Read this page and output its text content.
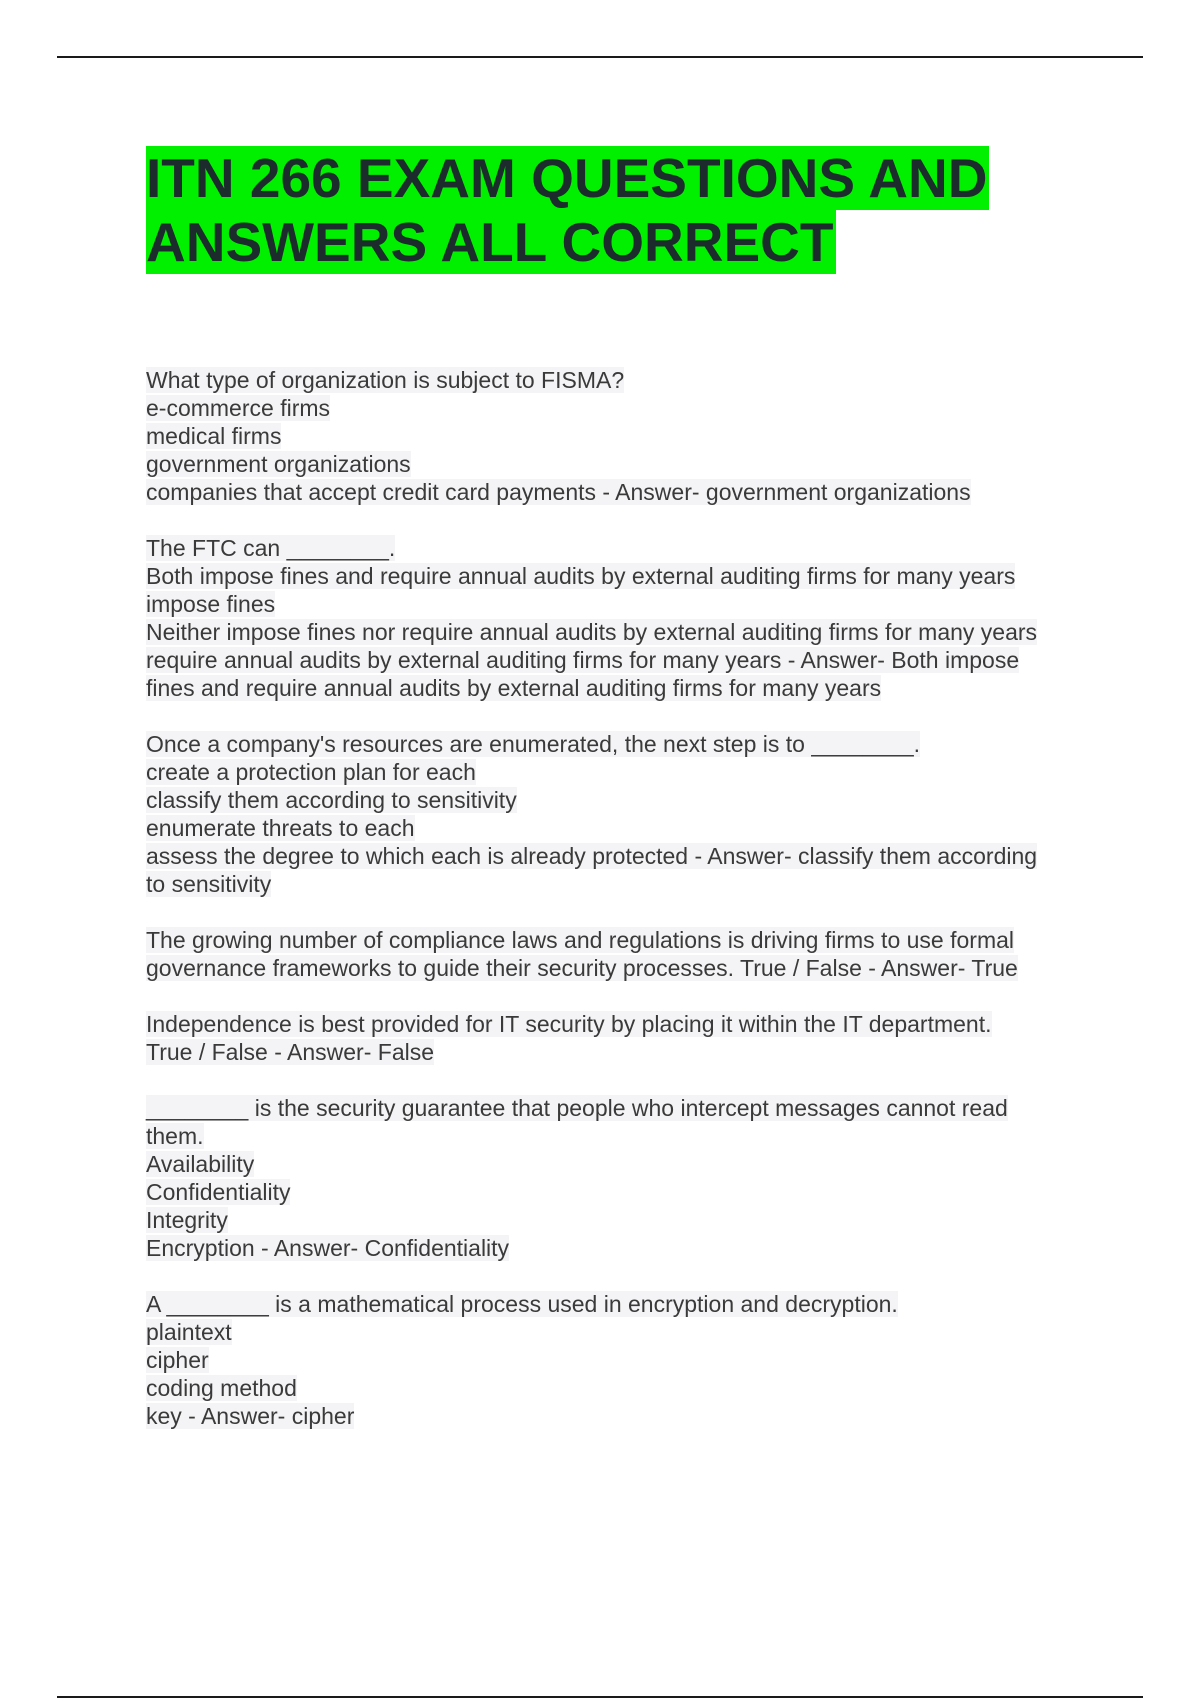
ITN 266 EXAM QUESTIONS AND
ANSWERS ALL CORRECT
What type of organization is subject to FISMA?
e-commerce firms
medical firms
government organizations
companies that accept credit card payments - Answer- government organizations
The FTC can ________.
Both impose fines and require annual audits by external auditing firms for many years
impose fines
Neither impose fines nor require annual audits by external auditing firms for many years
require annual audits by external auditing firms for many years - Answer- Both impose
fines and require annual audits by external auditing firms for many years
Once a company's resources are enumerated, the next step is to ________.
create a protection plan for each
classify them according to sensitivity
enumerate threats to each
assess the degree to which each is already protected - Answer- classify them according
to sensitivity
The growing number of compliance laws and regulations is driving firms to use formal
governance frameworks to guide their security processes. True / False - Answer- True
Independence is best provided for IT security by placing it within the IT department.
True / False - Answer- False
________ is the security guarantee that people who intercept messages cannot read
them.
Availability
Confidentiality
Integrity
Encryption - Answer- Confidentiality
A ________ is a mathematical process used in encryption and decryption.
plaintext
cipher
coding method
key - Answer- cipher
